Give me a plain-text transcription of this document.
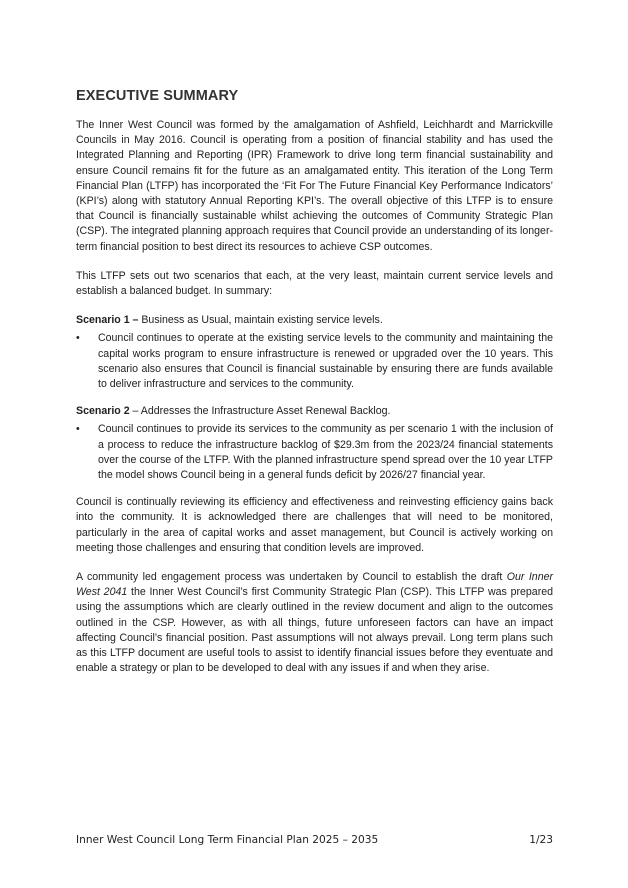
EXECUTIVE SUMMARY

The Inner West Council was formed by the amalgamation of Ashfield, Leichhardt and Marrickville Councils in May 2016. Council is operating from a position of financial stability and has used the Integrated Planning and Reporting (IPR) Framework to drive long term financial sustainability and ensure Council remains fit for the future as an amalgamated entity. This iteration of the Long Term Financial Plan (LTFP) has incorporated the ‘Fit For The Future Financial Key Performance Indicators’ (KPI’s) along with statutory Annual Reporting KPI’s. The overall objective of this LTFP is to ensure that Council is financially sustainable whilst achieving the outcomes of Community Strategic Plan (CSP). The integrated planning approach requires that Council provide an understanding of its longer-term financial position to best direct its resources to achieve CSP outcomes.

This LTFP sets out two scenarios that each, at the very least, maintain current service levels and establish a balanced budget. In summary:

Scenario 1 – Business as Usual, maintain existing service levels.
• Council continues to operate at the existing service levels to the community and maintaining the capital works program to ensure infrastructure is renewed or upgraded over the 10 years. This scenario also ensures that Council is financial sustainable by ensuring there are funds available to deliver infrastructure and services to the community.
Scenario 2 – Addresses the Infrastructure Asset Renewal Backlog.
• Council continues to provide its services to the community as per scenario 1 with the inclusion of a process to reduce the infrastructure backlog of $29.3m from the 2023/24 financial statements over the course of the LTFP. With the planned infrastructure spend spread over the 10 year LTFP the model shows Council being in a general funds deficit by 2026/27 financial year.

Council is continually reviewing its efficiency and effectiveness and reinvesting efficiency gains back into the community. It is acknowledged there are challenges that will need to be monitored, particularly in the area of capital works and asset management, but Council is actively working on meeting those challenges and ensuring that condition levels are improved.

A community led engagement process was undertaken by Council to establish the draft Our Inner West 2041 the Inner West Council’s first Community Strategic Plan (CSP). This LTFP was prepared using the assumptions which are clearly outlined in the review document and align to the outcomes outlined in the CSP. However, as with all things, future unforeseen factors can have an impact affecting Council’s financial position. Past assumptions will not always prevail. Long term plans such as this LTFP document are useful tools to assist to identify financial issues before they eventuate and enable a strategy or plan to be developed to deal with any issues if and when they arise.

Inner West Council Long Term Financial Plan 2025 – 2035	1/23
